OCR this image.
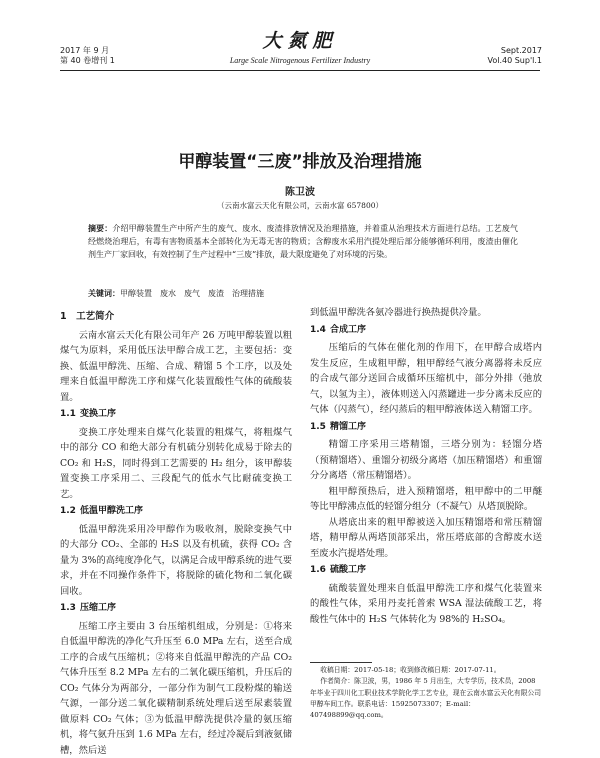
2017 年 9 月
第 40 卷增刊 1
大氮肥
Large Scale Nitrogenous Fertilizer Industry
Sept.2017
Vol.40 Sup'l.1
甲醇装置“三废”排放及治理措施
陈卫波
（云南水富云天化有限公司，云南水富 657800）
摘要：介绍甲醇装置生产中所产生的废气、废水、废渣排放情况及治理措施，并着重从治理技术方面进行总结。工艺废气经燃烧治理后，有毒有害物质基本全部转化为无毒无害的物质；含醇废水采用汽提处理后部分能够循环利用，废渣由催化剂生产厂家回收，有效控制了生产过程中“三废”排放，最大限度避免了对环境的污染。
关键词：甲醇装置　废水　废气　废渣　治理措施
1　工艺简介

云南水富云天化有限公司年产 26 万吨甲醇装置以粗煤气为原料，采用低压法甲醇合成工艺，主要包括：变换、低温甲醇洗、压缩、合成、精馏 5 个工序，以及处理来自低温甲醇洗工序和煤气化装置酸性气体的硫酸装置。

1.1 变换工序

变换工序处理来自煤气化装置的粗煤气，将粗煤气中的部分 CO 和绝大部分有机硫分别转化成易于除去的 CO₂ 和 H₂S，同时得到工艺需要的 H₂ 组分，该甲醇装置变换工序采用二、三段配气的低水气比耐硫变换工艺。

1.2 低温甲醇洗工序

低温甲醇洗采用冷甲醇作为吸收剂，脱除变换气中的大部分 CO₂、全部的 H₂S 以及有机硫，获得 CO₂ 含量为 3%的高纯度净化气，以满足合成甲醇系统的进气要求，并在不同操作条件下，将脱除的硫化物和二氧化碳回收。

1.3 压缩工序

压缩工序主要由 3 台压缩机组成，分别是：①将来自低温甲醇洗的净化气升压至 6.0 MPa 左右，送至合成工序的合成气压缩机；②将来自低温甲醇洗的产品 CO₂ 气体升压至 8.2 MPa 左右的二氧化碳压缩机，升压后的 CO₂ 气体分为两部分，一部分作为制气工段粉煤的输送气源，一部分送二氧化碳精制系统处理后送至尿素装置做原料 CO₂ 气体；③为低温甲醇洗提供冷量的氨压缩机，将气氨升压到 1.6 MPa 左右，经过冷凝后到液氨储槽，然后送

到低温甲醇洗各氨冷器进行换热提供冷量。

1.4 合成工序

压缩后的气体在催化剂的作用下，在甲醇合成塔内发生反应，生成粗甲醇，粗甲醇经气液分离器将未反应的合成气部分送回合成循环压缩机中，部分外排（弛放气，以氢为主），液体则送入闪蒸罐进一步分离未反应的气体（闪蒸气），经闪蒸后的粗甲醇液体送入精馏工序。

1.5 精馏工序

精馏工序采用三塔精馏，三塔分别为：轻馏分塔（预精馏塔）、重馏分初级分离塔（加压精馏塔）和重馏分分离塔（常压精馏塔）。

粗甲醇预热后，进入预精馏塔，粗甲醇中的二甲醚等比甲醇沸点低的轻馏分组分（不凝气）从塔顶脱除。

从塔底出来的粗甲醇被送入加压精馏塔和常压精馏塔，精甲醇从两塔顶部采出，常压塔底部的含醇废水送至废水汽提塔处理。

1.6 硫酸工序

硫酸装置处理来自低温甲醇洗工序和煤气化装置来的酸性气体，采用丹麦托普索 WSA 湿法硫酸工艺，将酸性气体中的 H₂S 气体转化为 98%的 H₂SO₄。

收稿日期：2017-05-18；收到修改稿日期：2017-07-11。

作者简介：陈卫波，男，1986 年 5 月出生，大专学历，技术员，2008 年毕业于四川化工职业技术学院化学工艺专业，现在云南水富云天化有限公司甲醇车间工作。联系电话：15925073307；E-mail：407498899@qq.com。
